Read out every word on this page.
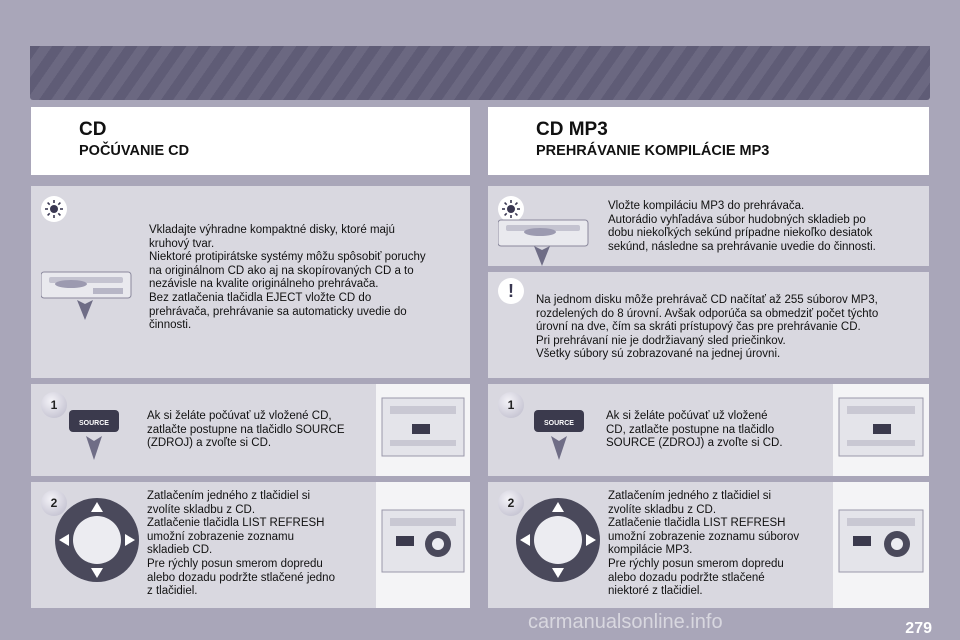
CD
POČÚVANIE CD
CD MP3
PREHRÁVANIE KOMPILÁCIE MP3
Vkladajte výhradne kompaktné disky, ktoré majú
kruhový tvar.
Niektoré protipirátske systémy môžu spôsobiť poruchy
na originálnom CD ako aj na skopírovaných CD a to
nezávisle na kvalite originálneho prehrávača.
Bez zatlačenia tlačidla EJECT vložte CD do
prehrávača, prehrávanie sa automaticky uvedie do
činnosti.
Vložte kompiláciu MP3 do prehrávača.
Autorádio vyhľadáva súbor hudobných skladieb po
dobu niekoľkých sekúnd prípadne niekoľko desiatok
sekúnd, následne sa prehrávanie uvedie do činnosti.
!	Na jednom disku môže prehrávač CD načítať až 255 súborov MP3,
rozdelených do 8 úrovní. Avšak odporúča sa obmedziť počet týchto
úrovní na dve, čím sa skráti prístupový čas pre prehrávanie CD.
Pri prehrávaní nie je dodržiavaný sled priečinkov.
Všetky súbory sú zobrazované na jednej úrovni.
1
SOURCE
Ak si želáte počúvať už vložené CD,
zatlačte postupne na tlačidlo SOURCE
(ZDROJ) a zvoľte si CD.
1
SOURCE
Ak si želáte počúvať už vložené
CD, zatlačte postupne na tlačidlo
SOURCE (ZDROJ) a zvoľte si CD.
2	Zatlačením jedného z tlačidiel si
zvolíte skladbu z CD.
Zatlačenie tlačidla LIST REFRESH
umožní zobrazenie zoznamu
skladieb CD.
Pre rýchly posun smerom dopredu
alebo dozadu podržte stlačené jedno
z tlačidiel.
2	Zatlačením jedného z tlačidiel si
zvolíte skladbu z CD.
Zatlačenie tlačidla LIST REFRESH
umožní zobrazenie zoznamu súborov
kompilácie MP3.
Pre rýchly posun smerom dopredu
alebo dozadu podržte stlačené
niektoré z tlačidiel.
carmanualsonline.info	279
